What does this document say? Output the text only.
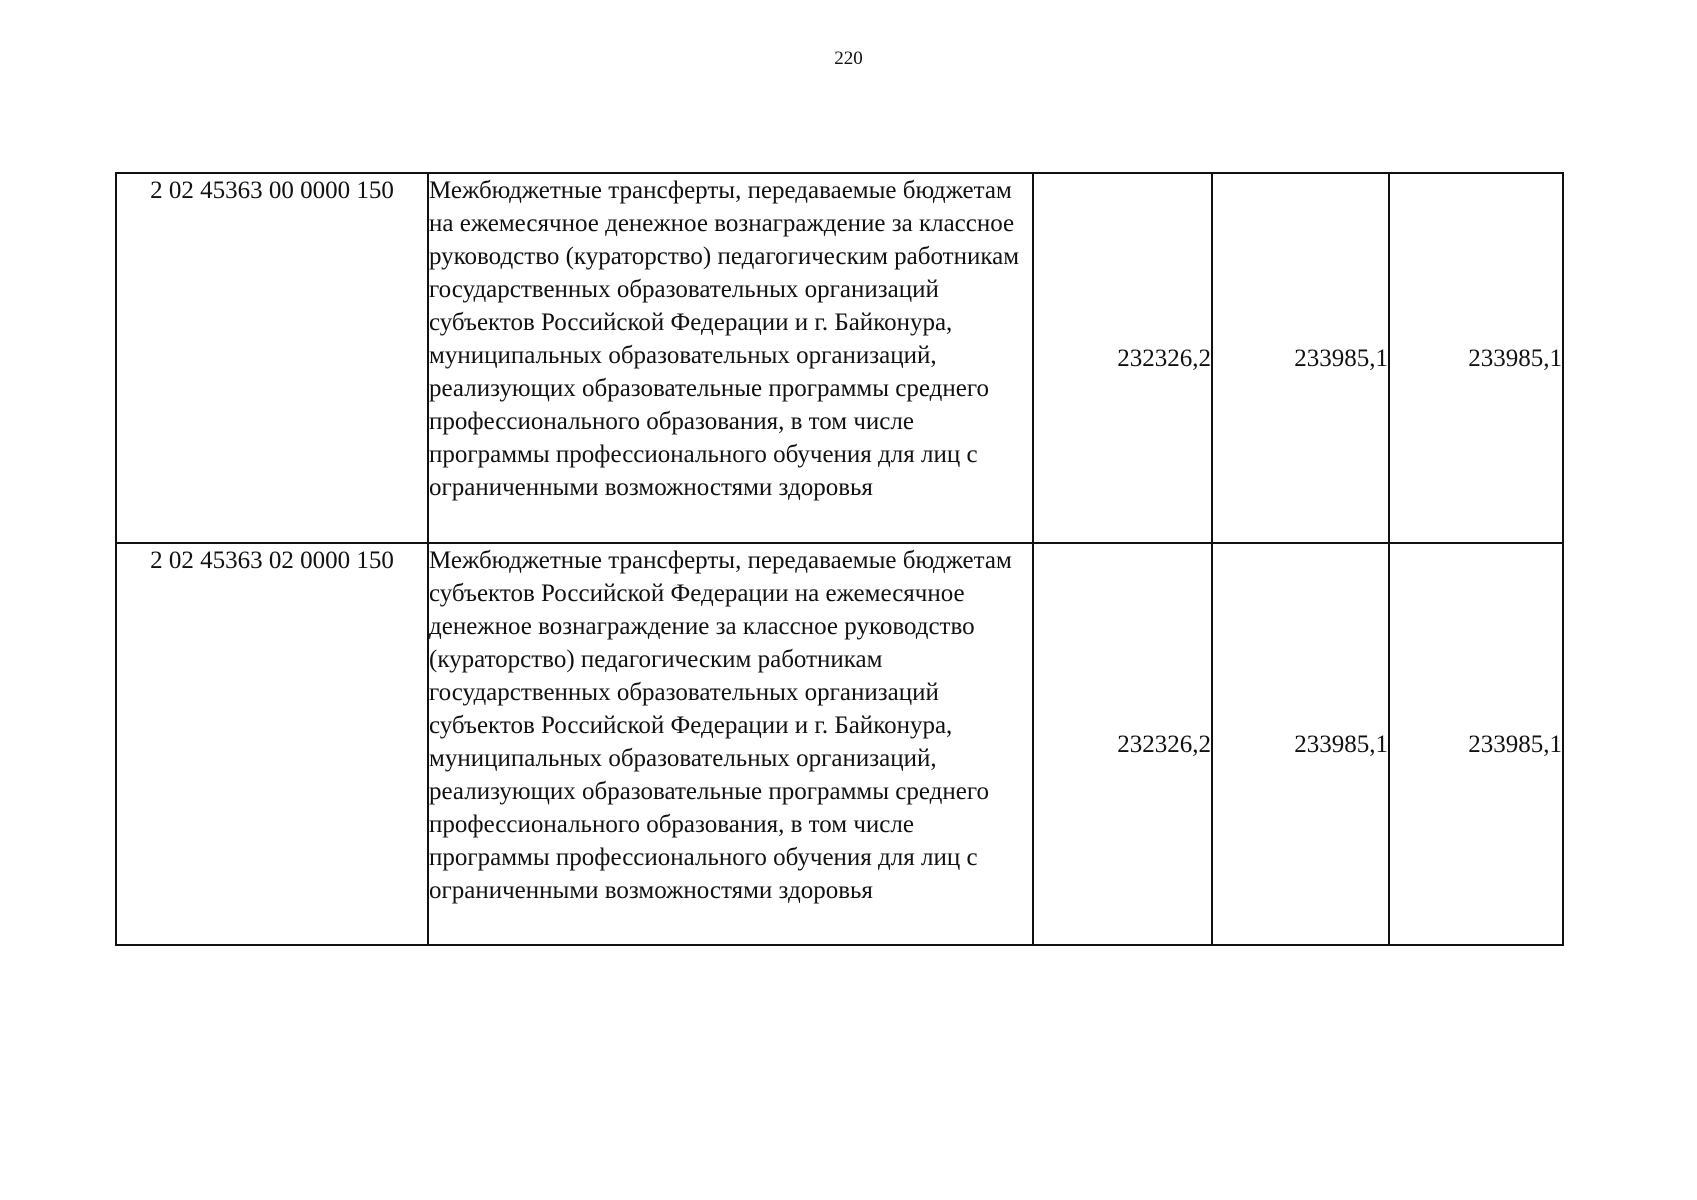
220
2 02 45363 00 0000 150	Межбюджетные трансферты, передаваемые бюджетам на ежемесячное денежное вознаграждение за классное руководство (кураторство) педагогическим работникам государственных образовательных организаций субъектов Российской Федерации и г. Байконура, муниципальных образовательных организаций, реализующих образовательные программы среднего профессионального образования, в том числе программы профессионального обучения для лиц с ограниченными возможностями здоровья	232326,2	233985,1	233985,1
2 02 45363 02 0000 150	Межбюджетные трансферты, передаваемые бюджетам субъектов Российской Федерации на ежемесячное денежное вознаграждение за классное руководство (кураторство) педагогическим работникам государственных образовательных организаций субъектов Российской Федерации и г. Байконура, муниципальных образовательных организаций, реализующих образовательные программы среднего профессионального образования, в том числе программы профессионального обучения для лиц с ограниченными возможностями здоровья	232326,2	233985,1	233985,1
